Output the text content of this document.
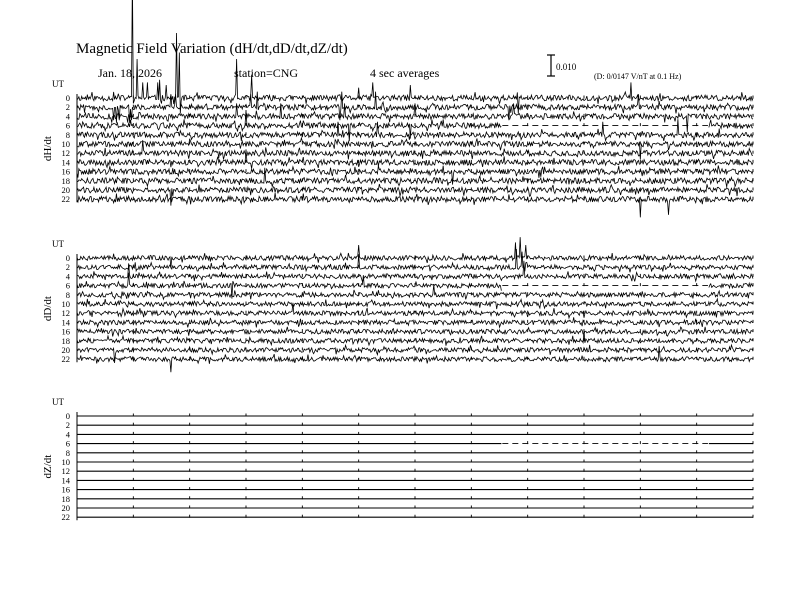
Magnetic Field Variation (dH/dt,dD/dt,dZ/dt)
Jan. 18, 2026	station=CNG	4 sec averages	0.010
(D: 0/0147 V/nT at 0.1 Hz)
UT
dH/dt
0
2
4
6
8
10
12
14
16
18
20
22
UT
dD/dt
0
2
4
6
8
10
12
14
16
18
20
22
UT
dZ/dt
0
2
4
6
8
10
12
14
16
18
20
22
